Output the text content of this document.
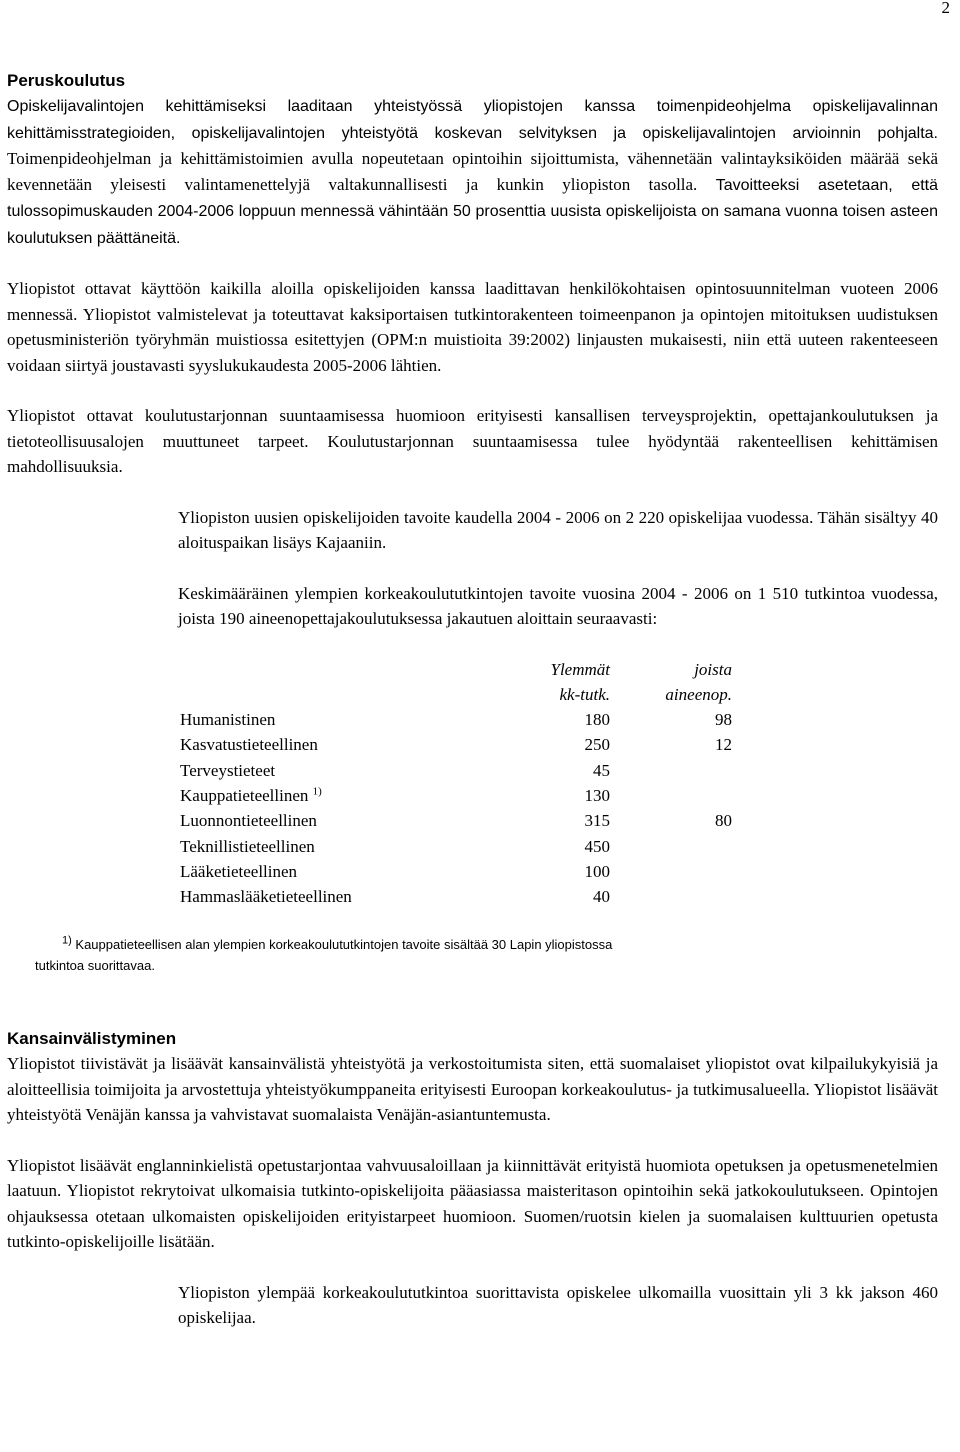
2

Peruskoulutus

Opiskelijavalintojen kehittämiseksi laaditaan yhteistyössä yliopistojen kanssa toimenpideohjelma opiskelijavalinnan kehittämisstrategioiden, opiskelijavalintojen yhteistyötä koskevan selvityksen ja opiskelijavalintojen arvioinnin pohjalta. Toimenpideohjelman ja kehittämistoimien avulla nopeutetaan opintoihin sijoittumista, vähennetään valintayksiköiden määrää sekä kevennetään yleisesti valintamenettelyjä valtakunnallisesti ja kunkin yliopiston tasolla. Tavoitteeksi asetetaan, että tulossopimuskauden 2004-2006 loppuun mennessä vähintään 50 prosenttia uusista opiskelijoista on samana vuonna toisen asteen koulutuksen päättäneitä.

Yliopistot ottavat käyttöön kaikilla aloilla opiskelijoiden kanssa laadittavan henkilökohtaisen opintosuunnitelman vuoteen 2006 mennessä. Yliopistot valmistelevat ja toteuttavat kaksiportaisen tutkintorakenteen toimeenpanon ja opintojen mitoituksen uudistuksen opetusministeriön työryhmän muistiossa esitettyjen (OPM:n muistioita 39:2002) linjausten mukaisesti, niin että uuteen rakenteeseen voidaan siirtyä joustavasti syyslukukaudesta 2005-2006 lähtien.

Yliopistot ottavat koulutustarjonnan suuntaamisessa huomioon erityisesti kansallisen terveysprojektin, opettajankoulutuksen ja tietoteollisuusalojen muuttuneet tarpeet. Koulutustarjonnan suuntaamisessa tulee hyödyntää rakenteellisen kehittämisen mahdollisuuksia.

Yliopiston uusien opiskelijoiden tavoite kaudella 2004 - 2006 on 2 220 opiskelijaa vuodessa. Tähän sisältyy 40 aloituspaikan lisäys Kajaaniin.

Keskimääräinen ylempien korkeakoulututkintojen tavoite vuosina 2004 - 2006 on 1 510 tutkintoa vuodessa, joista 190 aineenopettajakoulutuksessa jakautuen aloittain seuraavasti:

	Ylemmät	joista
	kk-tutk.	aineenop.
Humanistinen	180	98
Kasvatustieteellinen	250	12
Terveystieteet	45	
Kauppatieteellinen $^{1)}$	130	
Luonnontieteellinen	315	80
Teknillistieteellinen	450	
Lääketieteellinen	100	
Hammaslääketieteellinen	40	

$^{1)}$ Kauppatieteellisen alan ylempien korkeakoulututkintojen tavoite sisältää 30 Lapin yliopistossa

tutkintoa suorittavaa.

Kansainvälistyminen

Yliopistot tiivistävät ja lisäävät kansainvälistä yhteistyötä ja verkostoitumista siten, että suomalaiset yliopistot ovat kilpailukykyisiä ja aloitteellisia toimijoita ja arvostettuja yhteistyökumppaneita erityisesti Euroopan korkeakoulutus- ja tutkimusalueella. Yliopistot lisäävät yhteistyötä Venäjän kanssa ja vahvistavat suomalaista Venäjän-asiantuntemusta.

Yliopistot lisäävät englanninkielistä opetustarjontaa vahvuusaloillaan ja kiinnittävät erityistä huomiota opetuksen ja opetusmenetelmien laatuun. Yliopistot rekrytoivat ulkomaisia tutkinto-opiskelijoita pääasiassa maisteritason opintoihin sekä jatkokoulutukseen. Opintojen ohjauksessa otetaan ulkomaisten opiskelijoiden erityistarpeet huomioon. Suomen/ruotsin kielen ja suomalaisen kulttuurien opetusta tutkinto-opiskelijoille lisätään.

Yliopiston ylempää korkeakoulututkintoa suorittavista opiskelee ulkomailla vuosittain yli 3 kk jakson 460 opiskelijaa.
